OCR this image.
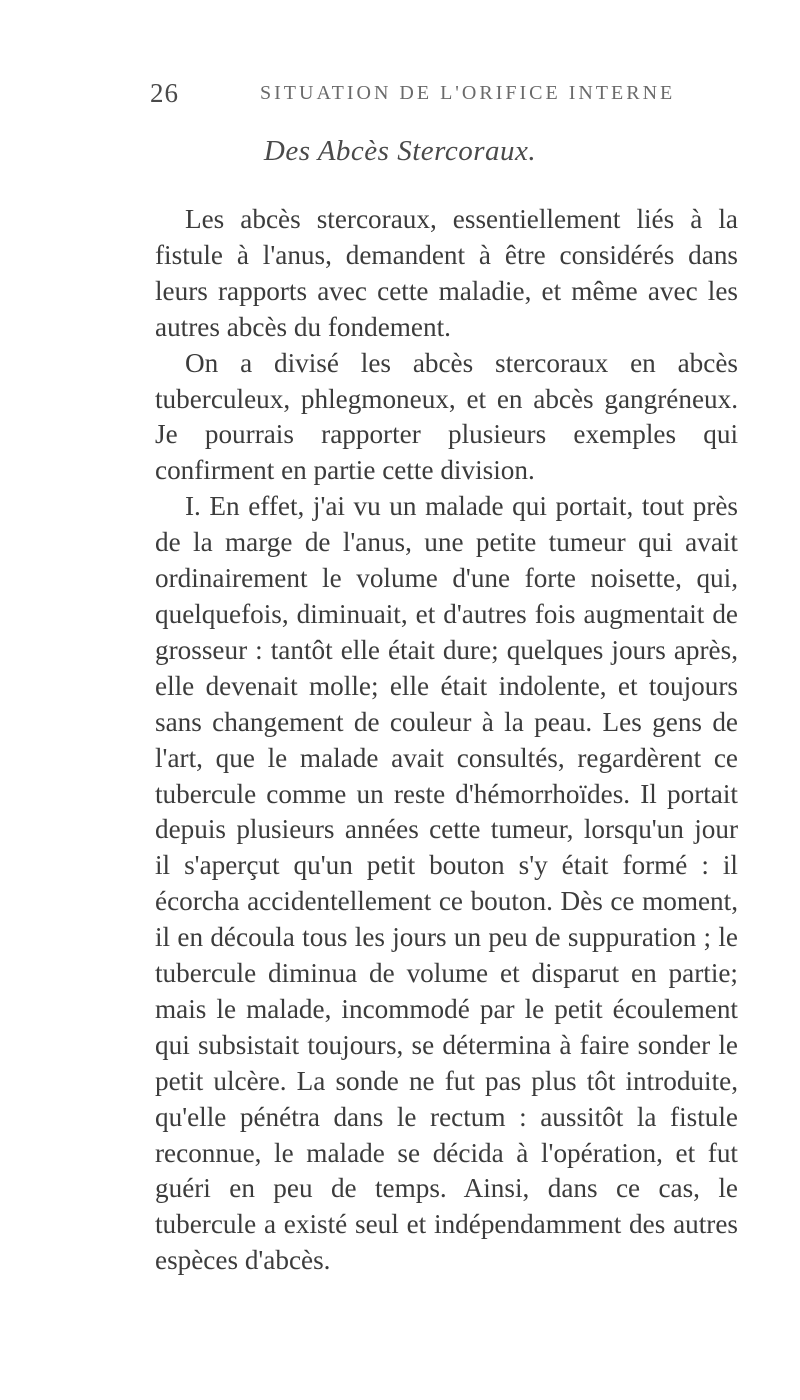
26	SITUATION DE L'ORIFICE INTERNE
Des Abcès Stercoraux.

Les abcès stercoraux, essentiellement liés à la fistule à l'anus, demandent à être considérés dans leurs rapports avec cette maladie, et même avec les autres abcès du fondement.

On a divisé les abcès stercoraux en abcès tuberculeux, phlegmoneux, et en abcès gangréneux. Je pourrais rapporter plusieurs exemples qui confirment en partie cette division.

I. En effet, j'ai vu un malade qui portait, tout près de la marge de l'anus, une petite tumeur qui avait ordinairement le volume d'une forte noisette, qui, quelquefois, diminuait, et d'autres fois augmentait de grosseur : tantôt elle était dure; quelques jours après, elle devenait molle; elle était indolente, et toujours sans changement de couleur à la peau. Les gens de l'art, que le malade avait consultés, regardèrent ce tubercule comme un reste d'hémorrhoïdes. Il portait depuis plusieurs années cette tumeur, lorsqu'un jour il s'aperçut qu'un petit bouton s'y était formé : il écorcha accidentellement ce bouton. Dès ce moment, il en découla tous les jours un peu de suppuration ; le tubercule diminua de volume et disparut en partie; mais le malade, incommodé par le petit écoulement qui subsistait toujours, se détermina à faire sonder le petit ulcère. La sonde ne fut pas plus tôt introduite, qu'elle pénétra dans le rectum : aussitôt la fistule reconnue, le malade se décida à l'opération, et fut guéri en peu de temps. Ainsi, dans ce cas, le tubercule a existé seul et indépendamment des autres espèces d'abcès.
